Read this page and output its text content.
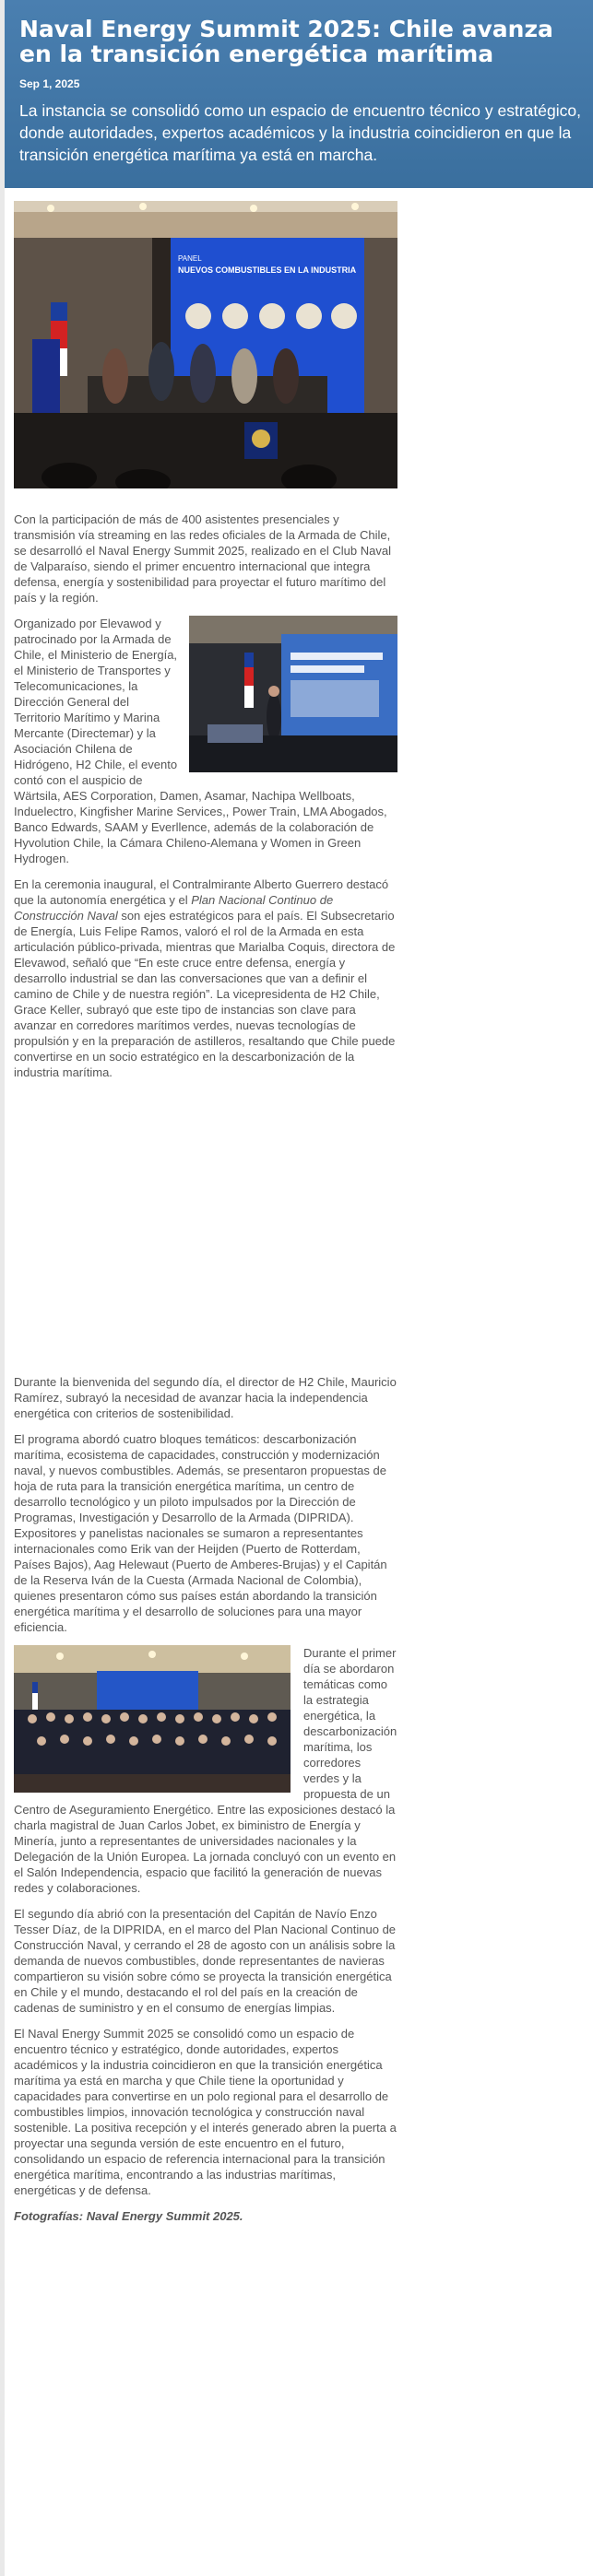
Naval Energy Summit 2025: Chile avanza en la transición energética marítima
Sep 1, 2025
La instancia se consolidó como un espacio de encuentro técnico y estratégico, donde autoridades, expertos académicos y la industria coincidieron en que la transición energética marítima ya está en marcha.
PANEL
NUEVOS COMBUSTIBLES EN LA INDUSTRIA

Con la participación de más de 400 asistentes presenciales y transmisión vía streaming en las redes oficiales de la Armada de Chile, se desarrolló el Naval Energy Summit 2025, realizado en el Club Naval de Valparaíso, siendo el primer encuentro internacional que integra defensa, energía y sostenibilidad para proyectar el futuro marítimo del país y la región.

Organizado por Elevawod y patrocinado por la Armada de Chile, el Ministerio de Energía, el Ministerio de Transportes y Telecomunicaciones, la Dirección General del Territorio Marítimo y Marina Mercante (Directemar) y la Asociación Chilena de Hidrógeno, H2 Chile, el evento contó con el auspicio de Wärtsila, AES Corporation, Damen, Asamar, Nachipa Wellboats, Induelectro, Kingfisher Marine Services,, Power Train, LMA Abogados, Banco Edwards, SAAM y Everllence, además de la colaboración de Hyvolution Chile, la Cámara Chileno-Alemana y Women in Green Hydrogen.

En la ceremonia inaugural, el Contralmirante Alberto Guerrero destacó que la autonomía energética y el Plan Nacional Continuo de Construcción Naval son ejes estratégicos para el país. El Subsecretario de Energía, Luis Felipe Ramos, valoró el rol de la Armada en esta articulación público-privada, mientras que Marialba Coquis, directora de Elevawod, señaló que “En este cruce entre defensa, energía y desarrollo industrial se dan las conversaciones que van a definir el camino de Chile y de nuestra región”. La vicepresidenta de H2 Chile, Grace Keller, subrayó que este tipo de instancias son clave para avanzar en corredores marítimos verdes, nuevas tecnologías de propulsión y en la preparación de astilleros, resaltando que Chile puede convertirse en un socio estratégico en la descarbonización de la industria marítima.

Durante la bienvenida del segundo día, el director de H2 Chile, Mauricio Ramírez, subrayó la necesidad de avanzar hacia la independencia energética con criterios de sostenibilidad.

El programa abordó cuatro bloques temáticos: descarbonización marítima, ecosistema de capacidades, construcción y modernización naval, y nuevos combustibles. Además, se presentaron propuestas de hoja de ruta para la transición energética marítima, un centro de desarrollo tecnológico y un piloto impulsados por la Dirección de Programas, Investigación y Desarrollo de la Armada (DIPRIDA). Expositores y panelistas nacionales se sumaron a representantes internacionales como Erik van der Heijden (Puerto de Rotterdam, Países Bajos), Aag Helewaut (Puerto de Amberes-Brujas) y el Capitán de la Reserva Iván de la Cuesta (Armada Nacional de Colombia), quienes presentaron cómo sus países están abordando la transición energética marítima y el desarrollo de soluciones para una mayor eficiencia.

Durante el primer día se abordaron temáticas como la estrategia energética, la descarbonización marítima, los corredores verdes y la propuesta de un Centro de Aseguramiento Energético. Entre las exposiciones destacó la charla magistral de Juan Carlos Jobet, ex biministro de Energía y Minería, junto a representantes de universidades nacionales y la Delegación de la Unión Europea. La jornada concluyó con un evento en el Salón Independencia, espacio que facilitó la generación de nuevas redes y colaboraciones.

El segundo día abrió con la presentación del Capitán de Navío Enzo Tesser Díaz, de la DIPRIDA, en el marco del Plan Nacional Continuo de Construcción Naval, y cerrando el 28 de agosto con un análisis sobre la demanda de nuevos combustibles, donde representantes de navieras compartieron su visión sobre cómo se proyecta la transición energética en Chile y el mundo, destacando el rol del país en la creación de cadenas de suministro y en el consumo de energías limpias.

El Naval Energy Summit 2025 se consolidó como un espacio de encuentro técnico y estratégico, donde autoridades, expertos académicos y la industria coincidieron en que la transición energética marítima ya está en marcha y que Chile tiene la oportunidad y capacidades para convertirse en un polo regional para el desarrollo de combustibles limpios, innovación tecnológica y construcción naval sostenible. La positiva recepción y el interés generado abren la puerta a proyectar una segunda versión de este encuentro en el futuro, consolidando un espacio de referencia internacional para la transición energética marítima, encontrando a las industrias marítimas, energéticas y de defensa.

Fotografías: Naval Energy Summit 2025.
